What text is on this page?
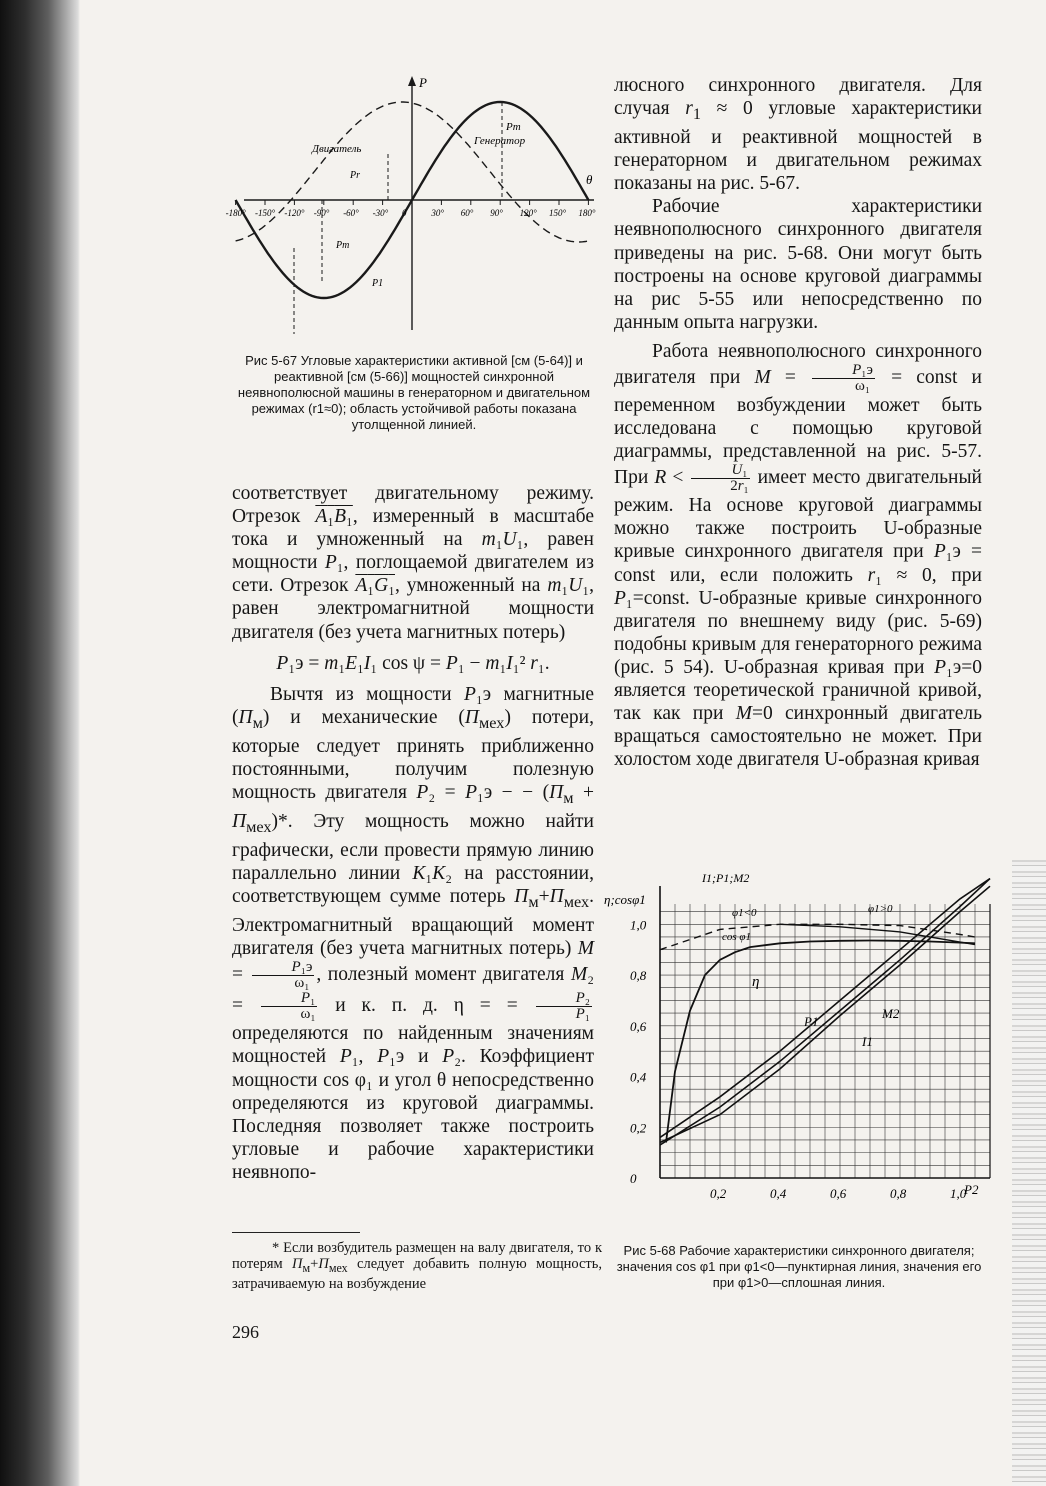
-180° -150° -120° -90° -60° -30° 0	30° 60° 90° 120° 150° 180°
P
θ
Двигатель
Генератор
Pm
Pr
P1
Pm
Рис 5-67 Угловые характеристики активной [см (5-64)] и реактивной [см (5-66)] мощностей синхронной неявнополюсной машины в генераторном и двигательном режимах (r1≈0); область устойчивой работы показана утолщенной линией.

люсного синхронного двигателя. Для случая $r_1 \approx 0$ угловые характеристики активной и реактивной мощностей в генераторном и двигательном режимах показаны на рис. 5-67.

Рабочие характеристики неявнополюсного синхронного двигателя приведены на рис. 5-68. Они могут быть построены на основе круговой диаграммы на рис 5-55 или непосредственно по данным опыта нагрузки.

Работа неявнополюсного синхронного двигателя при $M = \frac{\text{P₁э}}{\text{ω₁}}$ = const и переменном возбуждении может быть исследована с помощью круговой диаграммы, представленной на рис. 5-57. При $R < \frac{\text{U₁}}{\text{2r₁}}$ имеет место двигательный режим. На основе круговой диаграммы можно также построить U-образные кривые синхронного двигателя при P₁э = const или, если положить r₁ ≈ 0, при P₁=const. U-образные кривые синхронного двигателя по внешнему виду (рис. 5-69) подобны кривым для генераторного режима (рис. 5 54). U-образная кривая при P₁э=0 является теоретической граничной кривой, так как при M=0 синхронный двигатель вращаться самостоятельно не может. При холостом ходе двигателя U-образная кривая

соответствует двигательному режиму. Отрезок A₁B₁, измеренный в масштабе тока и умноженный на m₁U₁, равен мощности P₁, поглощаемой двигателем из сети. Отрезок A₁G₁, умноженный на m₁U₁, равен электромагнитной мощности двигателя (без учета магнитных потерь)

P₁э = m₁E₁I₁ cos ψ = P₁ − m₁I₁² r₁.

Вычтя из мощности P₁э магнитные $(П_м)$ и механические $(П_{мех})$ потери, которые следует принять приближенно постоянными, получим полезную мощность двигателя P₂ = P₁э − − $(П_м + П_{мех})*$. Эту мощность можно найти графически, если провести прямую линию параллельно линии K₁K₂ на расстоянии, соответствующем сумме потерь $П_м+П_{мех}$. Электромагнитный вращающий момент двигателя (без учета магнитных потерь) $M = \frac{\text{P₁э}}{\text{ω₁}}$ , полезный момент двигателя $M_2 = \frac{\text{P₁}}{\text{ω₁}}$ и к. п. д. η = = $\frac{\text{P₂}}{\text{P₁}}$
определяются по найденным значениям мощностей P₁, P₁э и P₂. Коэффициент мощности cos φ₁ и угол θ непосредственно определяются из круговой диаграммы. Последняя позволяет также построить угловые и рабочие характеристики неявнопо-

* Если возбудитель размещен на валу двигателя, то к потерям $П_м+П_{мех}$ следует добавить полную мощность, затрачиваемую на возбуждение
296
0,2	0,4	0,6	0,8	1,0
0
0,2
0,4
0,6
0,8
1,0
η;cosφ1
I1;P1;M2
P2
φ1<0	φ1>0
cos φ1
η
P1
M2
I1
Рис 5-68 Рабочие характеристики синхронного двигателя; значения cos φ1 при φ1<0—пунктирная линия, значения его при φ1>0—сплошная линия.
